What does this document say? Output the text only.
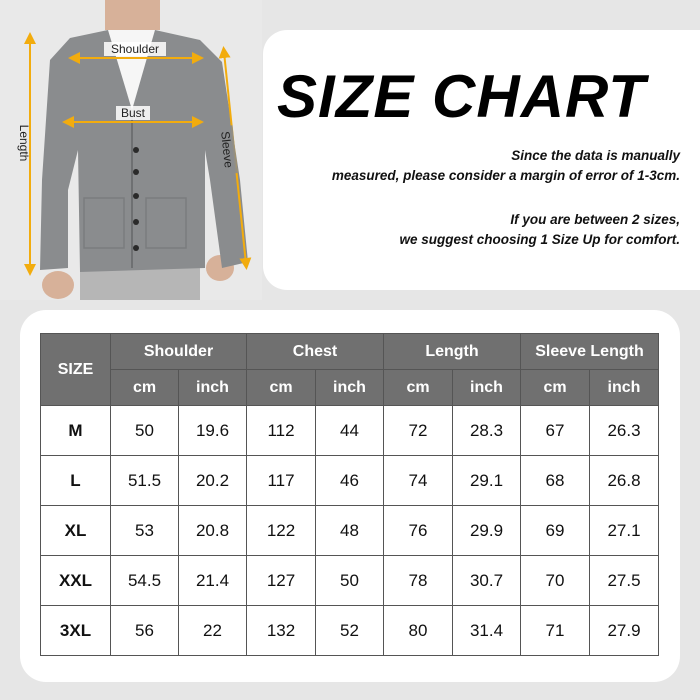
Shoulder
Bust
Length	Sleeve
SIZE CHART
Since the data is manually
measured, please consider a margin of error of 1-3cm.
If you are between 2 sizes,
we suggest choosing 1 Size Up for comfort.
SIZE	Shoulder		Chest		Length		Sleeve Length	
	cm	inch	cm	inch	cm	inch	cm	inch
M	50	19.6	112	44	72	28.3	67	26.3
L	51.5	20.2	117	46	74	29.1	68	26.8
XL	53	20.8	122	48	76	29.9	69	27.1
XXL	54.5	21.4	127	50	78	30.7	70	27.5
3XL	56	22	132	52	80	31.4	71	27.9
